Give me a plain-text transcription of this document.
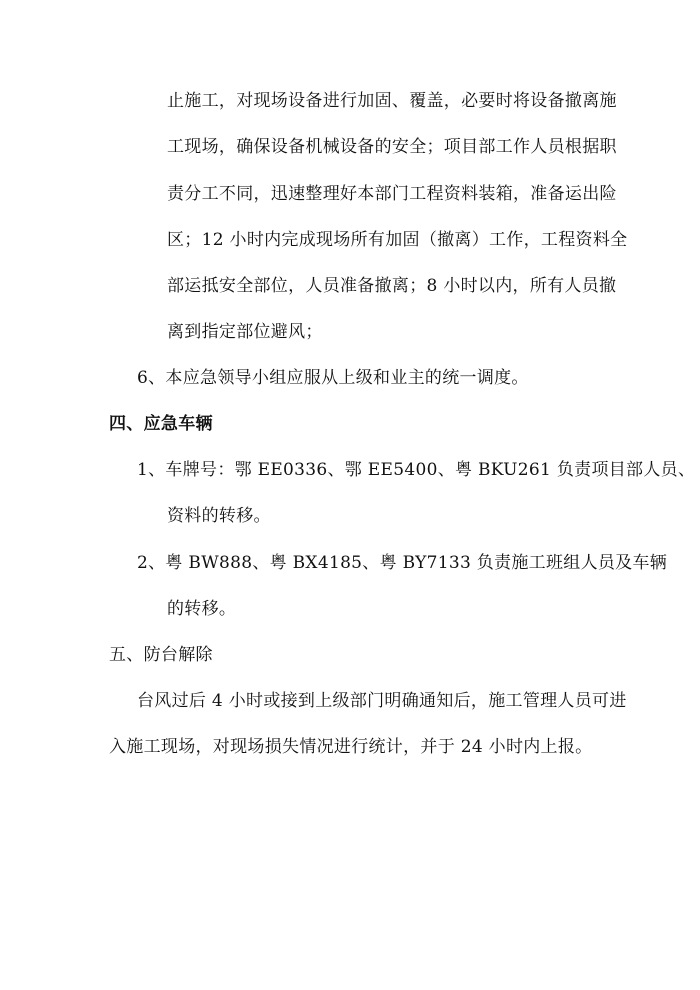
止施工，对现场设备进行加固、覆盖，必要时将设备撤离施
工现场，确保设备机械设备的安全；项目部工作人员根据职
责分工不同，迅速整理好本部门工程资料装箱，准备运出险
区；12 小时内完成现场所有加固（撤离）工作，工程资料全
部运抵安全部位，人员准备撤离；8 小时以内，所有人员撤
离到指定部位避风；
6、本应急领导小组应服从上级和业主的统一调度。
四、应急车辆
1、车牌号：鄂 EE0336、鄂 EE5400、粤 BKU261 负责项目部人员、
资料的转移。
2、粤 BW888、粤 BX4185、粤 BY7133 负责施工班组人员及车辆
的转移。
五、防台解除
台风过后 4 小时或接到上级部门明确通知后，施工管理人员可进
入施工现场，对现场损失情况进行统计，并于 24 小时内上报。
